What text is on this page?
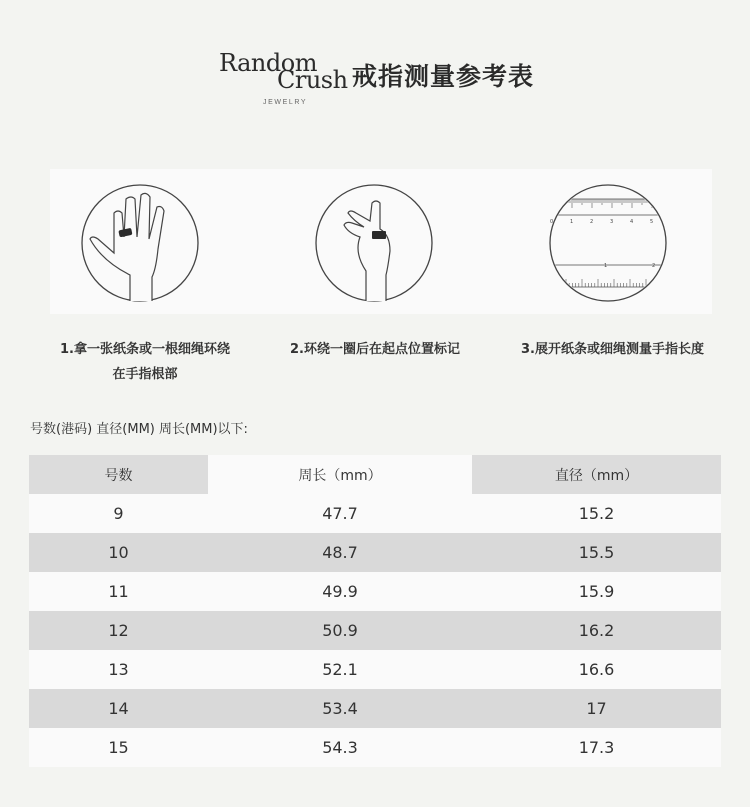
Random
Crush
JEWELRY
戒指测量参考表
0	1	2	3	4	5
1	2
1.拿一张纸条或一根细绳环绕
在手指根部
2.环绕一圈后在起点位置标记	3.展开纸条或细绳测量手指长度
号数(港码) 直径(MM) 周长(MM)以下:
号数	周长（mm）	直径（mm）
9	47.7	15.2
10	48.7	15.5
11	49.9	15.9
12	50.9	16.2
13	52.1	16.6
14	53.4	17
15	54.3	17.3
